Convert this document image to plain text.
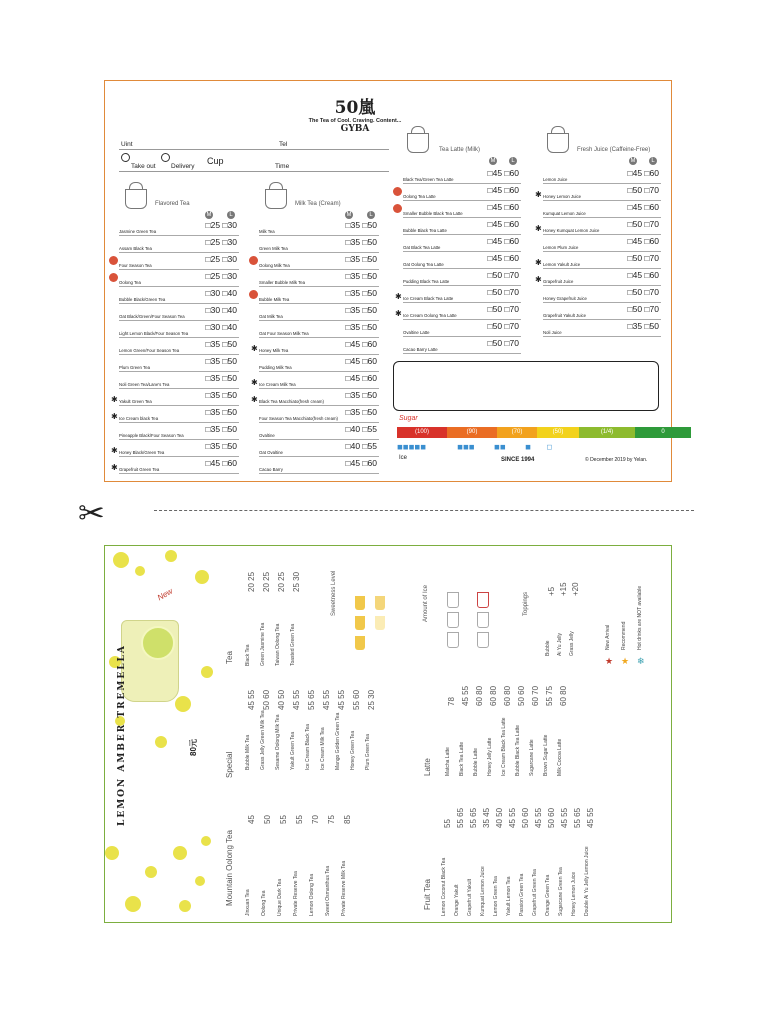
50嵐
The Tea of Cool. Craving. Content...
GYBA
Uint	Tel
Take out Delivery
Cup
Time
Flavored Tea
M	L
Jasmine Green Tea
□25 □30
Assam Black Tea
□25 □30
Four Season Tea
□25 □30
Oolong Tea
□25 □30
Bubble Black/Green Tea
□30 □40
Oat Black/Green/Four Season Tea
□30 □40
Light Lemon Black/Four Season Tea
□30 □40
Lemon Green/Four Season Tea
□35 □50
Plum Green Tea
□35 □50
Noli Green Tea/Lane's Tea
□35 □50
Yakult Green Tea
□35 □50
✱
Ice Cream black Tea
□35 □50
✱
Pineapple Black/Four Season Tea
□35 □50
Honey Black/Green Tea
□35 □50
✱
Grapefruit Green Tea
□45 □60
✱
Milk Tea (Cream)
M	L
Milk Tea
□35 □50
Green Milk Tea
□35 □50
Oolong Milk Tea
□35 □50
Smaller Bubble Milk Tea
□35 □50
Bubble Milk Tea
□35 □50
Oat Milk Tea
□35 □50
Oat Four Season Milk Tea
□35 □50
Honey Milk Tea
□45 □60
✱
Pudding Milk Tea
□45 □60
Ice Cream Milk Tea
□45 □60
✱
Black Tea Macchiato(fresh cream)
□35 □50
✱
Four Season Tea Macchiato(fresh cream)
□35 □50
Ovaltine
□40 □55
Oat Ovaltine
□40 □55
Cacao Barry
□45 □60
Tea Latte (Milk)
M	L
Black Tea/Green Tea Latte
□45 □60
Oolong Tea Latte
□45 □60
Smaller Bubble Black Tea Latte
□45 □60
Bubble Black Tea Latte
□45 □60
Oat Black Tea Latte
□45 □60
Oat Oolong Tea Latte
□45 □60
Pudding Black Tea Latte
□50 □70
Ice Cream Black Tea Latte
□50 □70
✱
Ice Cream Oolong Tea Latte
□50 □70
✱
Ovaltine Latte
□50 □70
Cacao Barry Latte
□50 □70
Fresh Juice (Caffeine-Free)
M	L
Lemon Juice
□45 □60
Honey Lemon Juice
□50 □70
✱
Kumquat Lemon Juice
□45 □60
Honey Kumquat Lemon Juice
□50 □70
✱
Lemon Plum Juice
□45 □60
Lemon Yakult Juice
□50 □70
✱
Grapefruit Juice
□45 □60
✱
Honey Grapefruit Juice
□50 □70
Grapefruit Yakult Juice
□50 □70
Noli Juice
□35 □50
Sugar
(100)	(90)	(70)	(50)	(1/4)	0
◼◼◼◼◼                ◼◼◼          ◼◼          ◼        ◻
Ice	SINCE 1994	© December 2019 by Yelan.
✂
New
LEMON AMBER TREMELLA	80元
Mountain Oolong Tea
Special
Tea
Latte
Fruit Tea
Sweetness Level	Amount of Ice	Toppings
Jinxuan Tea
45
Oolong Tea
50
Unique Dark Tea
55
Private Reserve Tea
55
Lemon Oolong Tea
70
Sweet Osmanthus Tea
75
Private Reserve Milk Tea
85
Bubble Milk Tea
45 55
Grass Jelly Green Milk Tea
50 60
Sesame Oolong Milk Tea
40 50
Yakult Green Tea
45 55
Ice Cream Black Tea
55 65
Ice Cream Milk Tea
45 55
Mango Golden Green Tea
45 55
Honey Green Tea
55 60
Plum Green Tea
25 30
Black Tea
20 25
Green Jasmine Tea
20 25
Taiwan Oolong Tea
20 25
Toasted Green Tea
25 30
Matcha Latte
78
Black Tea Latte
45 55
Bubble Latte
60 80
Honey Jelly Latte
60 80
Ice Cream Black Tea Latte
60 80
Bubble Black Tea Latte
50 60
Sugarcane Latte
60 70
Brown Sugar Latte
55 75
Milk Cocoa Latte
60 80
Lemon Coconut Black Tea
55
Orange Yakult
55 65
Grapefruit Yakult
55 65
Kumquat Lemon Juice
35 45
Lemon Green Tea
40 50
Yakult Lemon Tea
45 55
Passion Green Tea
50 60
Grapefruit Green Tea
45 55
Orange Green Tea
50 60
Sugarcane Green Tea
45 55
Honey Lemon Juice
55 65
Double Ai Yu Jelly Lemon Juice
45 55
Bubble
+5
Ai Yu Jelly
+15
Grass Jelly
+20
★
New Arrival
★
Recommend
❄
Hot drinks are NOT available
